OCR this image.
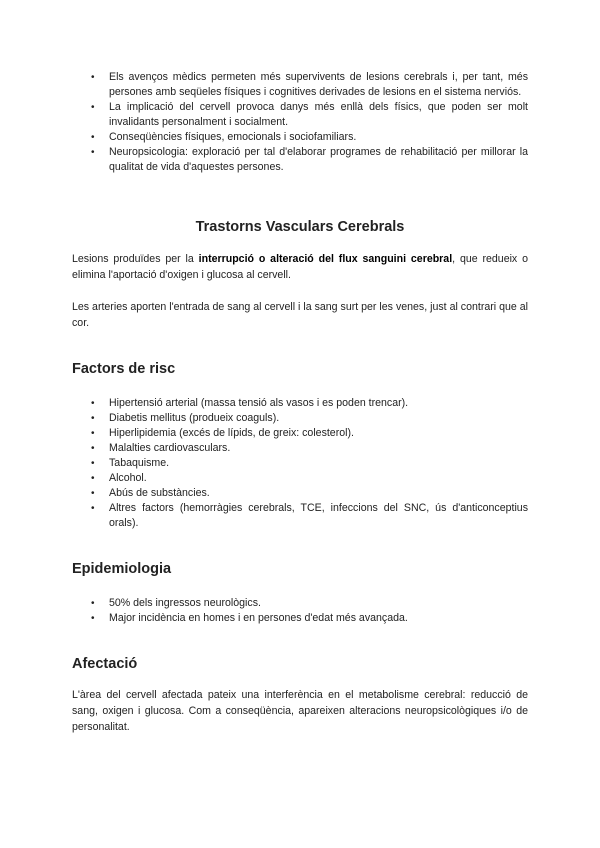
• Els avenços mèdics permeten més supervivents de lesions cerebrals i, per tant, més persones amb seqüeles físiques i cognitives derivades de lesions en el sistema nerviós.
• La implicació del cervell provoca danys més enllà dels físics, que poden ser molt invalidants personalment i socialment.
• Conseqüències físiques, emocionals i sociofamiliars.
• Neuropsicologia: exploració per tal d'elaborar programes de rehabilitació per millorar la qualitat de vida d'aquestes persones.
Trastorns Vasculars Cerebrals

Lesions produïdes per la interrupció o alteració del flux sanguini cerebral, que redueix o elimina l'aportació d'oxigen i glucosa al cervell.

Les arteries aporten l'entrada de sang al cervell i la sang surt per les venes, just al contrari que al cor.

Factors de risc
• Hipertensió arterial (massa tensió als vasos i es poden trencar).
• Diabetis mellitus (produeix coaguls).
• Hiperlipidemia (excés de lípids, de greix: colesterol).
• Malalties cardiovasculars.
• Tabaquisme.
• Alcohol.
• Abús de substàncies.
• Altres factors (hemorràgies cerebrals, TCE, infeccions del SNC, ús d'anticonceptius orals).
Epidemiologia
• 50% dels ingressos neurològics.
• Major incidència en homes i en persones d'edat més avançada.
Afectació

L'àrea del cervell afectada pateix una interferència en el metabolisme cerebral: reducció de sang, oxigen i glucosa. Com a conseqüència, apareixen alteracions neuropsicològiques i/o de personalitat.
